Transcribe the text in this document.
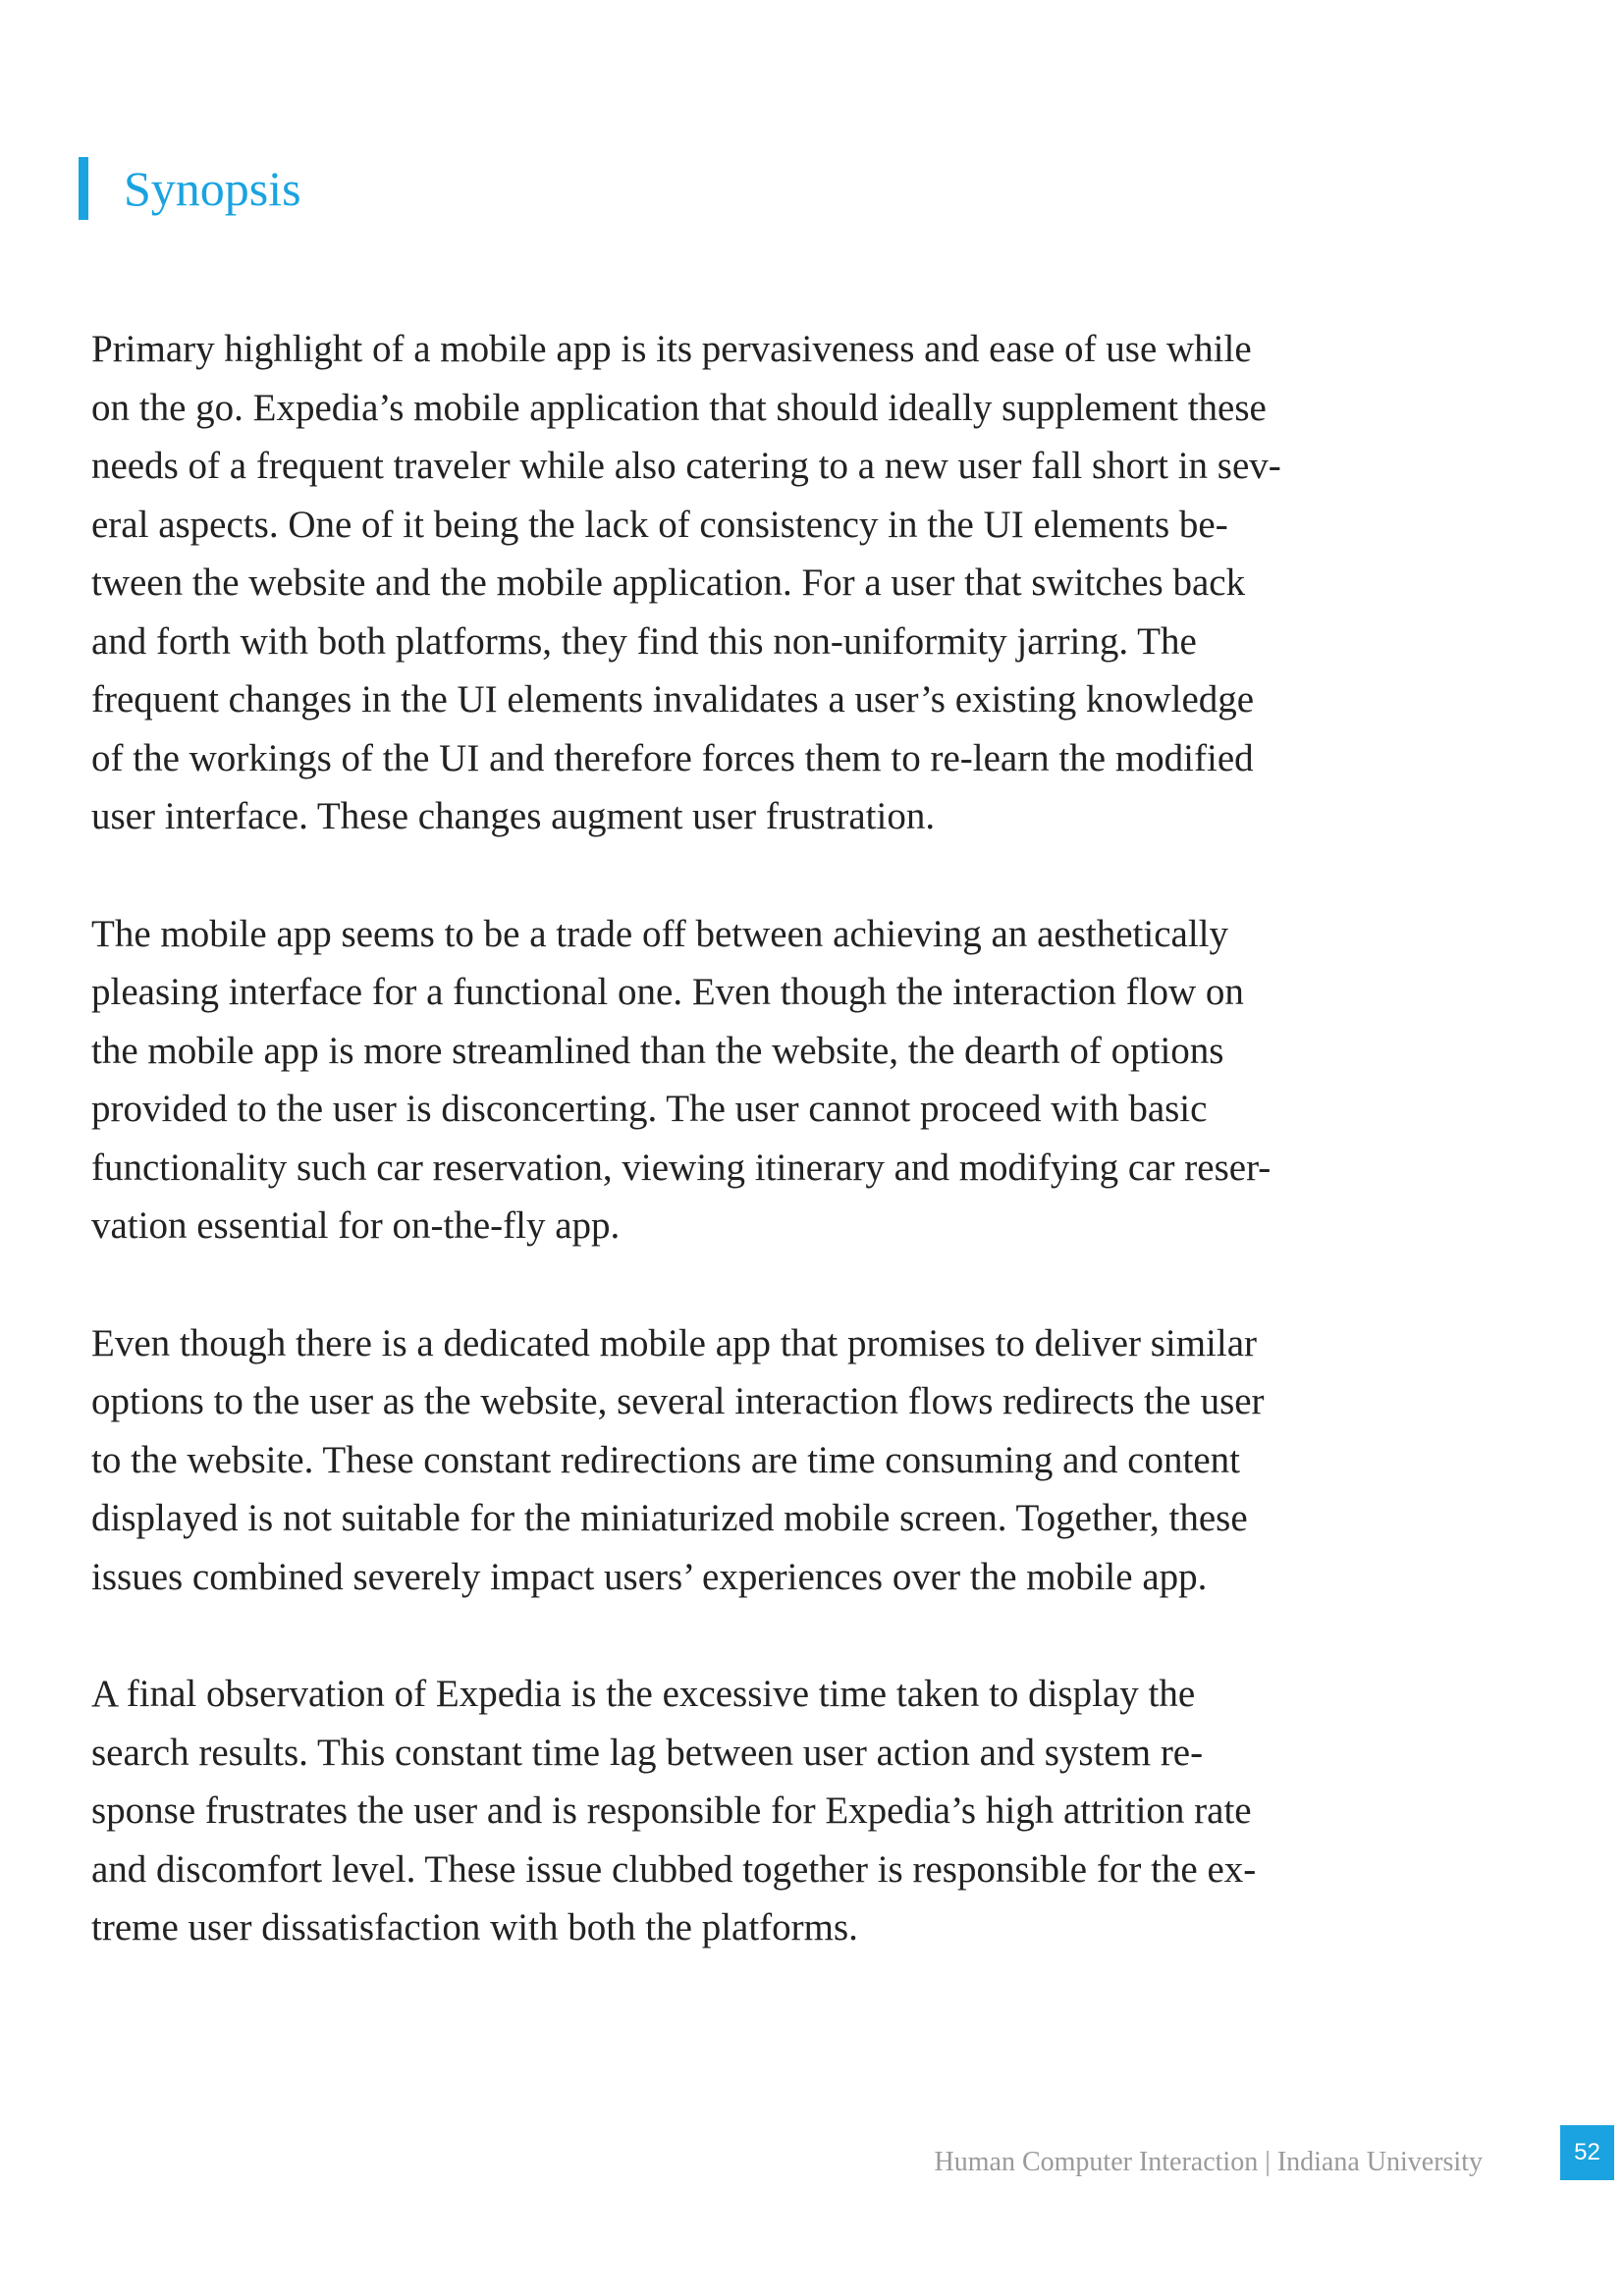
Synopsis

Primary highlight of a mobile app is its pervasiveness and ease of use while
on the go. Expedia’s mobile application that should ideally supplement these
needs of a frequent traveler while also catering to a new user fall short in sev-
eral aspects. One of it being the lack of consistency in the UI elements be-
tween the website and the mobile application. For a user that switches back
and forth with both platforms, they find this non-uniformity jarring. The
frequent changes in the UI elements invalidates a user’s existing knowledge
of the workings of the UI and therefore forces them to re-learn the modified
user interface. These changes augment user frustration.

The mobile app seems to be a trade off between achieving an aesthetically
pleasing interface for a functional one. Even though the interaction flow on
the mobile app is more streamlined than the website, the dearth of options
provided to the user is disconcerting. The user cannot proceed with basic
functionality such car reservation, viewing itinerary and modifying car reser-
vation essential for on-the-fly app.

Even though there is a dedicated mobile app that promises to deliver similar
options to the user as the website, several interaction flows redirects the user
to the website. These constant redirections are time consuming and content
displayed is not suitable for the miniaturized mobile screen. Together, these
issues combined severely impact users’ experiences over the mobile app.

A final observation of Expedia is the excessive time taken to display the
search results. This constant time lag between user action and system re-
sponse frustrates the user and is responsible for Expedia’s high attrition rate
and discomfort level. These issue clubbed together is responsible for the ex-
treme user dissatisfaction with both the platforms.

Human Computer Interaction | Indiana University	52
